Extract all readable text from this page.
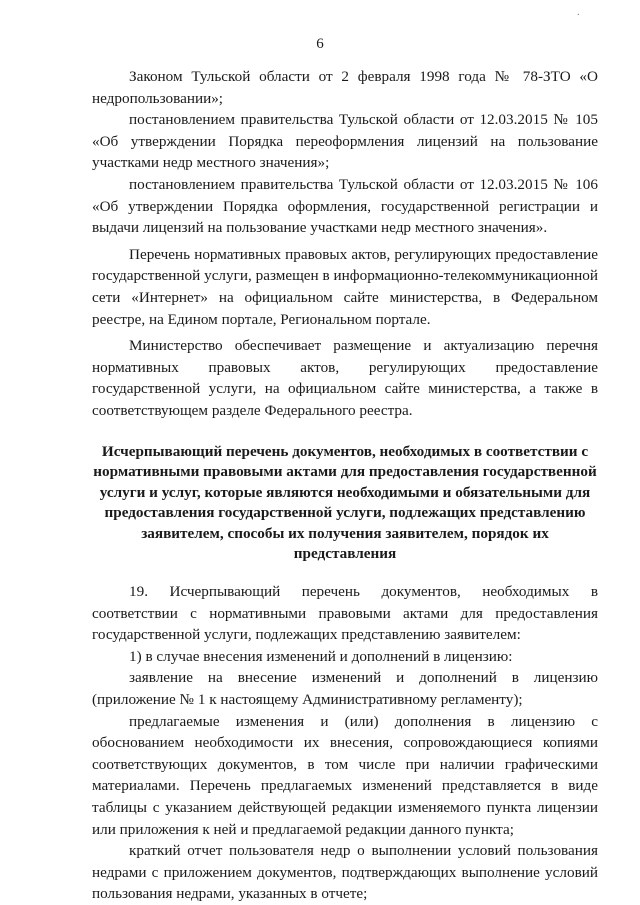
·
6

Законом Тульской области от 2 февраля 1998 года № 78-ЗТО «О недропользовании»;

постановлением правительства Тульской области от 12.03.2015 № 105 «Об утверждении Порядка переоформления лицензий на пользование участками недр местного значения»;

постановлением правительства Тульской области от 12.03.2015 № 106 «Об утверждении Порядка оформления, государственной регистрации и выдачи лицензий на пользование участками недр местного значения».

Перечень нормативных правовых актов, регулирующих предоставление государственной услуги, размещен в информационно-телекоммуникационной сети «Интернет» на официальном сайте министерства, в Федеральном реестре, на Едином портале, Региональном портале.

Министерство обеспечивает размещение и актуализацию перечня нормативных правовых актов, регулирующих предоставление государственной услуги, на официальном сайте министерства, а также в соответствующем разделе Федерального реестра.

Исчерпывающий перечень документов, необходимых в соответствии с нормативными правовыми актами для предоставления государственной услуги и услуг, которые являются необходимыми и обязательными для предоставления государственной услуги, подлежащих представлению заявителем, способы их получения заявителем, порядок их представления

19. Исчерпывающий перечень документов, необходимых в соответствии с нормативными правовыми актами для предоставления государственной услуги, подлежащих представлению заявителем:

1) в случае внесения изменений и дополнений в лицензию:

заявление на внесение изменений и дополнений в лицензию (приложение № 1 к настоящему Административному регламенту);

предлагаемые изменения и (или) дополнения в лицензию с обоснованием необходимости их внесения, сопровождающиеся копиями соответствующих документов, в том числе при наличии графическими материалами. Перечень предлагаемых изменений представляется в виде таблицы с указанием действующей редакции изменяемого пункта лицензии или приложения к ней и предлагаемой редакции данного пункта;

краткий отчет пользователя недр о выполнении условий пользования недрами с приложением документов, подтверждающих выполнение условий пользования недрами, указанных в отчете;
